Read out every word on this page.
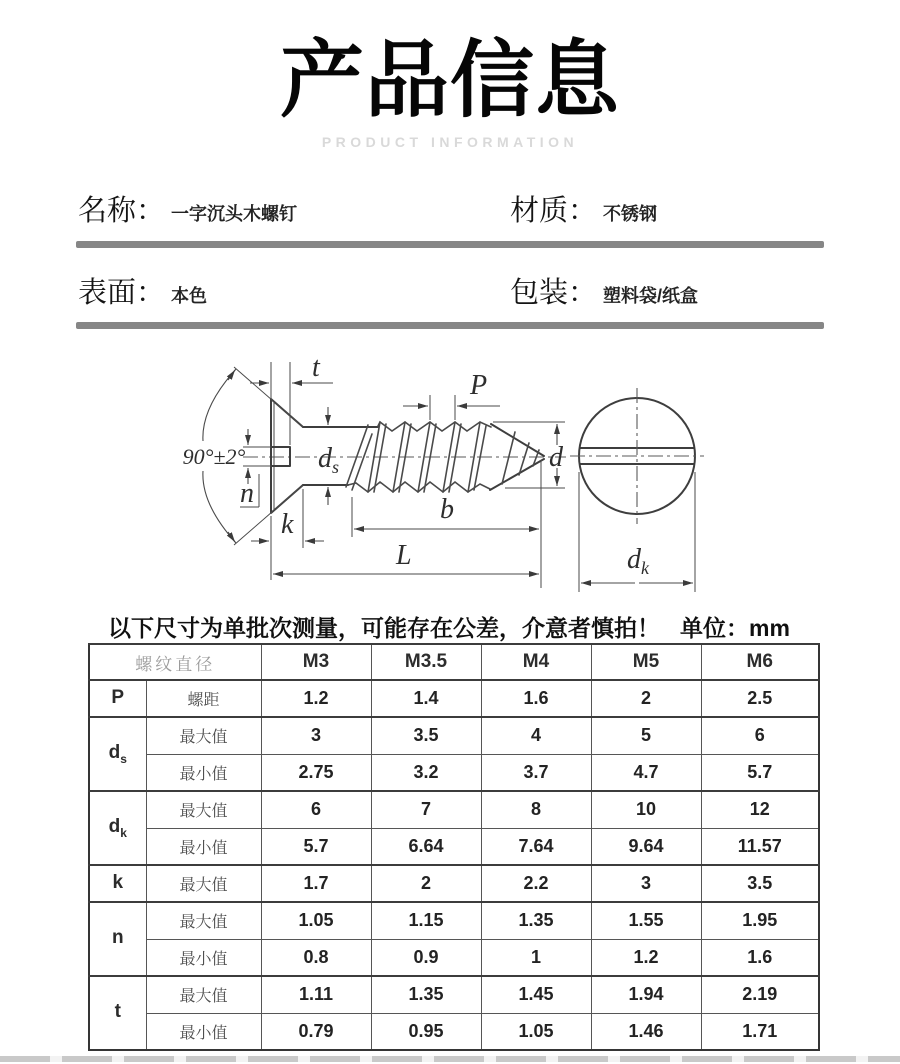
产品信息
PRODUCT INFORMATION
名称： 一字沉头木螺钉	材质： 不锈钢
表面： 本色	包装： 塑料袋/纸盒
t
P
90°±2°	$d_s$	d
n
k	b
L	$d_k$
以下尺寸为单批次测量，可能存在公差，介意者慎拍！ 单位：mm
螺纹直径		M3	M3.5	M4	M5	M6
P	螺距	1.2	1.4	1.6	2	2.5
$d_s$	最大值	3	3.5	4	5	6
	最小值	2.75	3.2	3.7	4.7	5.7
$d_k$	最大值	6	7	8	10	12
	最小值	5.7	6.64	7.64	9.64	11.57
k	最大值	1.7	2	2.2	3	3.5
n	最大值	1.05	1.15	1.35	1.55	1.95
	最小值	0.8	0.9	1	1.2	1.6
t	最大值	1.11	1.35	1.45	1.94	2.19
	最小值	0.79	0.95	1.05	1.46	1.71
